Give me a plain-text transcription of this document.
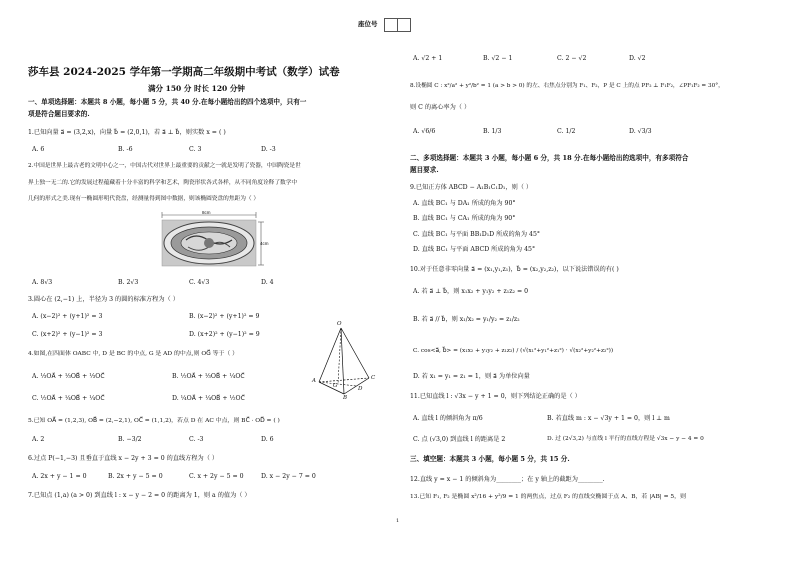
座位号
莎车县 2024-2025 学年第一学期高二年级期中考试（数学）试卷
满分 150 分 时长 120 分钟
一、单项选择题：本题共 8 小题，每小题 5 分，共 40 分.在每小题给出的四个选项中，只有一
项是符合题目要求的.
1.已知向量 a⃗ = (3,2,x)，向量 b⃗ = (2,0,1)，若 a⃗ ⊥ b⃗，则实数 x = ( )
A. 6	B. -6	C. 3	D. -3
2.中国是世界上最古老的文明中心之一，中国古代对世界上最重要的贡献之一就是发明了瓷器，中国陶瓷是世
界上独一无二的.它的发展过程蕴藏着十分丰富的科学和艺术，陶瓷形状各式各样，从不同角度诠释了数学中
几何的形式之美.现有一椭圆形明代瓷盘，经测量得到图中数据，则该椭圆瓷盘的焦距为（ ）
8cm
4cm
A. 8√3	B. 2√3	C. 4√3	D. 4
3.圆心在 (2,−1) 上，半径为 3 的圆的标准方程为（ ）
A. (x−2)² + (y+1)² = 3	B. (x−2)² + (y+1)² = 9
C. (x+2)² + (y−1)² = 3	D. (x+2)² + (y−1)² = 9
4.如图,在四面体 OABC 中, D 是 BC 的中点, G 是 AD 的中点,则 OG⃗ 等于（ ）
A. ⅓OA⃗ + ⅓OB⃗ + ⅓OC⃗	B. ½OA⃗ + ⅓OB⃗ + ¼OC⃗
C. ½OA⃗ + ¼OB⃗ + ¼OC⃗	D. ¼OA⃗ + ¼OB⃗ + ½OC⃗
O
A
B
C
D
G
5.已知 OA⃗ = (1,2,3), OB⃗ = (2,−2,1), OC⃗ = (1,1,2)，若点 D 在 AC 中点，则 BC⃗ · OD⃗ = ( )
A. 2	B. −3/2	C. -3	D. 6
6.过点 P(−1,−3) 且垂直于直线 x − 2y + 3 = 0 的直线方程为（ ）
A. 2x + y − 1 = 0	B. 2x + y − 5 = 0	C. x + 2y − 5 = 0	D. x − 2y − 7 = 0
7.已知点 (1,a) (a > 0) 到直线 l : x − y − 2 = 0 的距离为 1，则 a 的值为（ ）
A. √2 + 1	B. √2 − 1	C. 2 − √2	D. √2
8.设椭圆 C : x²/a² + y²/b² = 1 (a > b > 0) 的左、右焦点分别为 F₁、F₂，P 是 C 上的点 PF₂ ⊥ F₁F₂，∠PF₁F₂ = 30°，
则 C 的离心率为（ ）
A. √6/6	B. 1/3	C. 1/2	D. √3/3
二、多项选择题：本题共 3 小题，每小题 6 分，共 18 分.在每小题给出的选项中，有多项符合
题目要求.
9.已知正方体 ABCD − A₁B₁C₁D₁，则（ ）
A. 直线 BC₁ 与 DA₁ 所成的角为 90°
B. 直线 BC₁ 与 CA₁ 所成的角为 90°
C. 直线 BC₁ 与平面 BB₁D₁D 所成的角为 45°
D. 直线 BC₁ 与平面 ABCD 所成的角为 45°
10.对于任意非零向量 a⃗ = (x₁,y₁,z₁)，b⃗ = (x₂,y₂,z₂)，以下说法错误的有( )
A. 若 a⃗ ⊥ b⃗，则 x₁x₂ + y₁y₂ + z₁z₂ = 0
B. 若 a⃗ // b⃗，则 x₁/x₂ = y₁/y₂ = z₁/z₂
C. cos<a⃗, b⃗> = (x₁x₂ + y₁y₂ + z₁z₂) / (√(x₁²+y₁²+z₁²) · √(x₂²+y₂²+z₂²))
D. 若 x₁ = y₁ = z₁ = 1，则 a⃗ 为单位向量
11.已知直线 l : √3x − y + 1 = 0，则下列结论正确的是（ ）
A. 直线 l 的倾斜角为 π/6	B. 若直线 m : x − √3y + 1 = 0，则 l ⊥ m
C. 点 (√3,0) 到直线 l 的距离是 2	D. 过 (2√3,2) 与直线 l 平行的直线方程是 √3x − y − 4 = 0
三、填空题：本题共 3 小题，每小题 5 分，共 15 分.
12.直线 y = x − 1 的倾斜角为________；在 y 轴上的截距为________.
13.已知 F₁, F₂ 是椭圆 x²/16 + y²/9 = 1 的两焦点，过点 F₂ 的直线交椭圆于点 A、B，若 |AB| = 5，则
1
